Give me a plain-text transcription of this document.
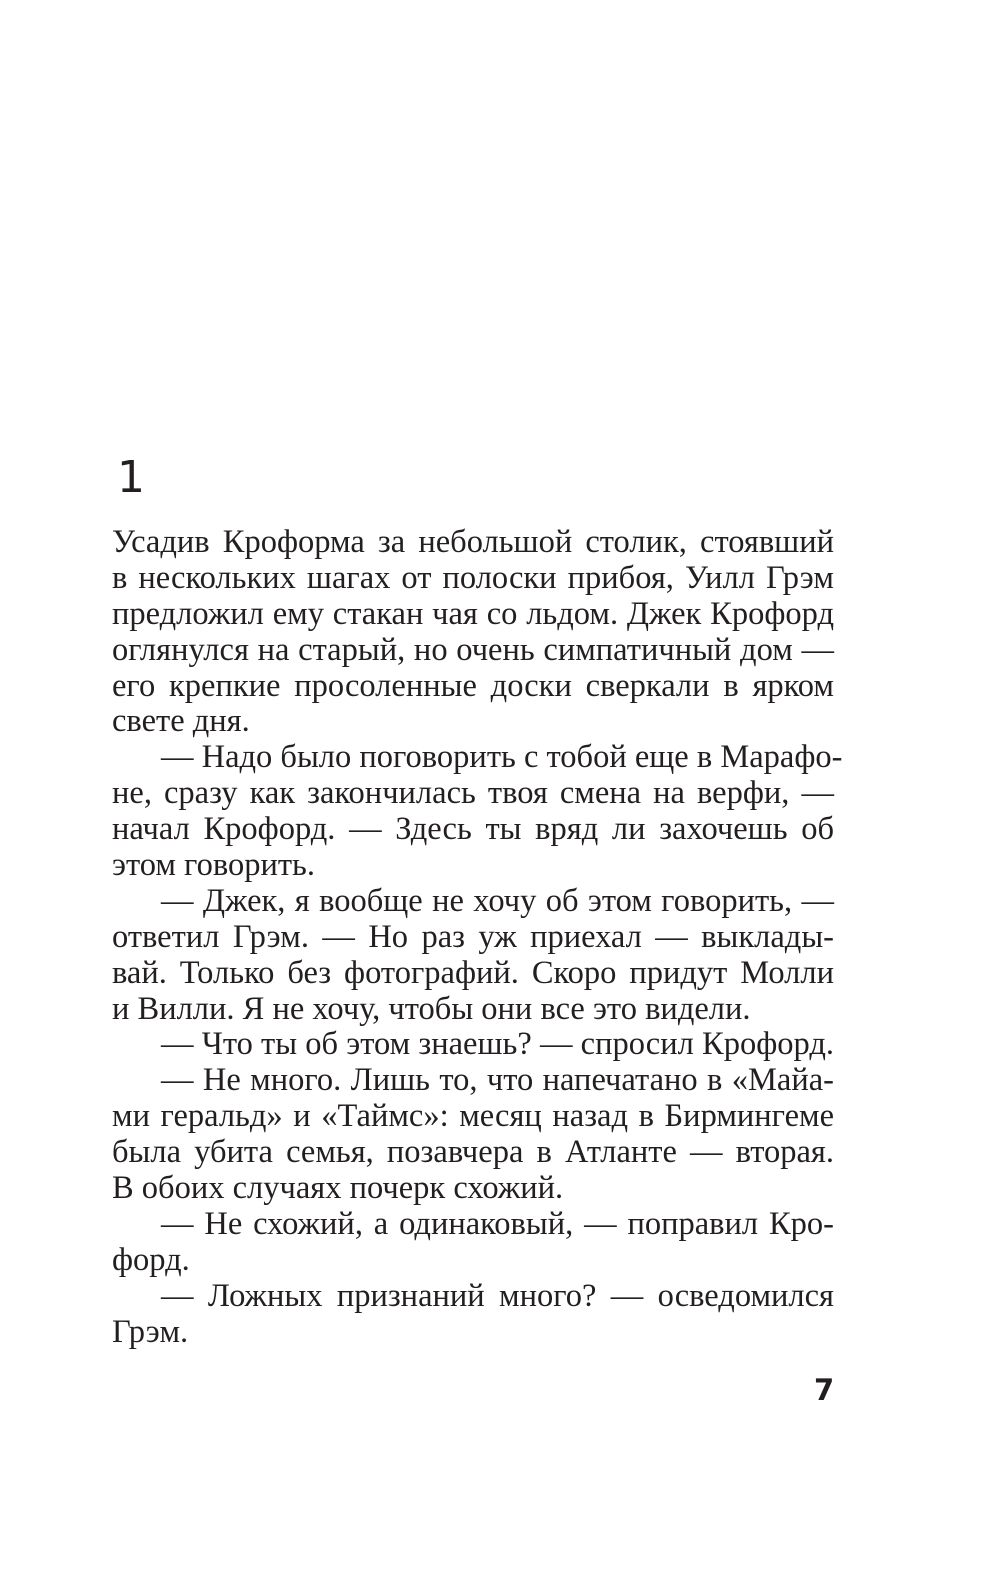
1
Усадив Кроформа за небольшой столик, стоявший
в нескольких шагах от полоски прибоя, Уилл Грэм
предложил ему стакан чая со льдом. Джек Крофорд
оглянулся на старый, но очень симпатичный дом —
его крепкие просоленные доски сверкали в ярком
свете дня.
— Надо было поговорить с тобой еще в Марафо-
не, сразу как закончилась твоя смена на верфи, —
начал Крофорд. — Здесь ты вряд ли захочешь об
этом говорить.
— Джек, я вообще не хочу об этом говорить, —
ответил Грэм. — Но раз уж приехал — выклады-
вай. Только без фотографий. Скоро придут Молли
и Вилли. Я не хочу, чтобы они все это видели.
— Что ты об этом знаешь? — спросил Крофорд.
— Не много. Лишь то, что напечатано в «Майа-
ми геральд» и «Таймс»: месяц назад в Бирмингеме
была убита семья, позавчера в Атланте — вторая.
В обоих случаях почерк схожий.
— Не схожий, а одинаковый, — поправил Кро-
форд.
— Ложных признаний много? — осведомился
Грэм.
7
